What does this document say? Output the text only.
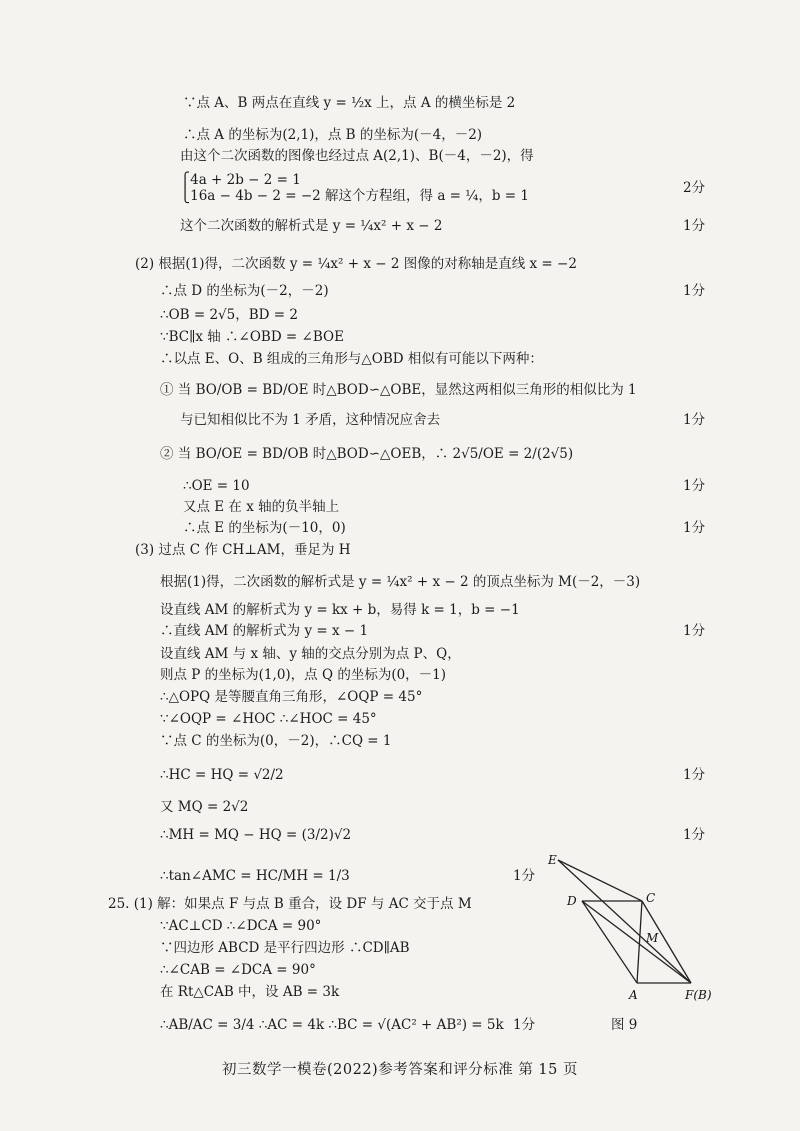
∵点 A、B 两点在直线 y = ½x 上，点 A 的横坐标是 2
∴点 A 的坐标为(2,1)，点 B 的坐标为(－4，－2)
由这个二次函数的图像也经过点 A(2,1)、B(－4，－2)，得
⎧4a + 2b − 2 = 1
⎩16a − 4b − 2 = −2 解这个方程组，得 a = ¼，b = 1
这个二次函数的解析式是 y = ¼x² + x − 2
(2) 根据(1)得，二次函数 y = ¼x² + x − 2 图像的对称轴是直线 x = −2
∴点 D 的坐标为(－2，－2)
∴OB = 2√5，BD = 2
∵BC∥x 轴 ∴∠OBD = ∠BOE
∴以点 E、O、B 组成的三角形与△OBD 相似有可能以下两种：
① 当 BO/OB = BD/OE 时△BOD∽△OBE，显然这两相似三角形的相似比为 1
与已知相似比不为 1 矛盾，这种情况应舍去
② 当 BO/OE = BD/OB 时△BOD∽△OEB，∴ 2√5/OE = 2/(2√5)
∴OE = 10
又点 E 在 x 轴的负半轴上
∴点 E 的坐标为(－10，0)
(3) 过点 C 作 CH⊥AM，垂足为 H
根据(1)得，二次函数的解析式是 y = ¼x² + x − 2 的顶点坐标为 M(－2，－3)
设直线 AM 的解析式为 y = kx + b，易得 k = 1，b = −1
∴直线 AM 的解析式为 y = x − 1
设直线 AM 与 x 轴、y 轴的交点分别为点 P、Q，
则点 P 的坐标为(1,0)，点 Q 的坐标为(0，－1)
∴△OPQ 是等腰直角三角形，∠OQP = 45°
∵∠OQP = ∠HOC ∴∠HOC = 45°
∵点 C 的坐标为(0，－2)，∴CQ = 1
∴HC = HQ = √2/2
又 MQ = 2√2
∴MH = MQ − HQ = (3/2)√2
∴tan∠AMC = HC/MH = 1/3
25. (1) 解：如果点 F 与点 B 重合，设 DF 与 AC 交于点 M
∵AC⊥CD ∴∠DCA = 90°
∵四边形 ABCD 是平行四边形 ∴CD∥AB
∴∠CAB = ∠DCA = 90°
在 Rt△CAB 中，设 AB = 3k
∴AB/AC = 3/4 ∴AC = 4k ∴BC = √(AC² + AB²) = 5k
2分
1分
1分
1分
1分
1分
1分
1分
1分
1分
1分
E
D	C
M
A	F(B)
图 9
初三数学一模卷(2022)参考答案和评分标准 第 15 页
